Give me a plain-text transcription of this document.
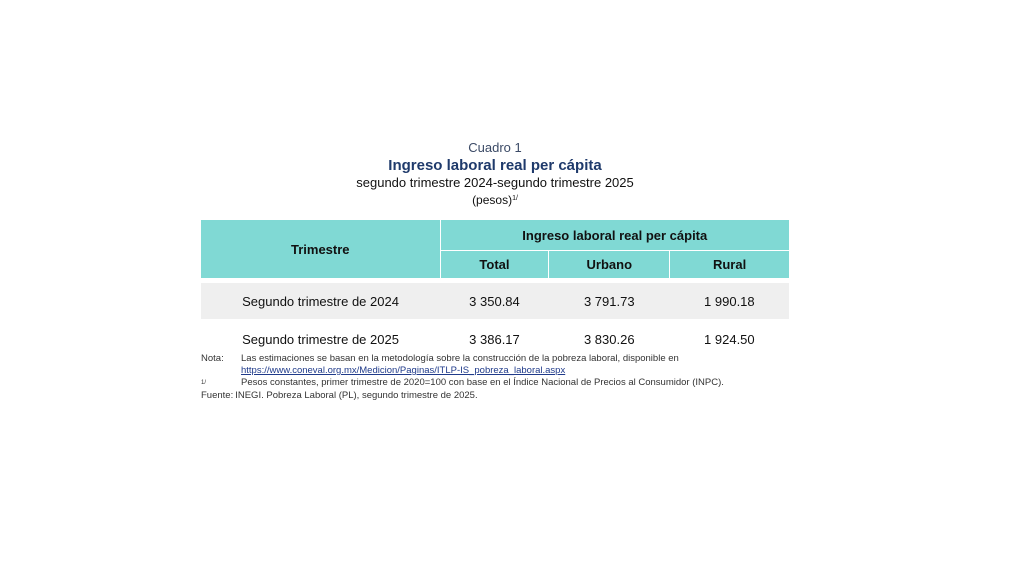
Cuadro 1
Ingreso laboral real per cápita
segundo trimestre 2024-segundo trimestre 2025
(pesos)$^{1/}$
Trimestre	Ingreso laboral real per cápita		
	Total	Urbano	Rural

Segundo trimestre de 2024	3 350.84	3 791.73	1 990.18

Segundo trimestre de 2025	3 386.17	3 830.26	1 924.50
Nota:	Las estimaciones se basan en la metodología sobre la construcción de la pobreza laboral, disponible en
https://www.coneval.org.mx/Medicion/Paginas/ITLP-IS_pobreza_laboral.aspx
$^{1/}$	Pesos constantes, primer trimestre de 2020=100 con base en el Índice Nacional de Precios al Consumidor (INPC).
Fuente: INEGI. Pobreza Laboral (PL), segundo trimestre de 2025.
